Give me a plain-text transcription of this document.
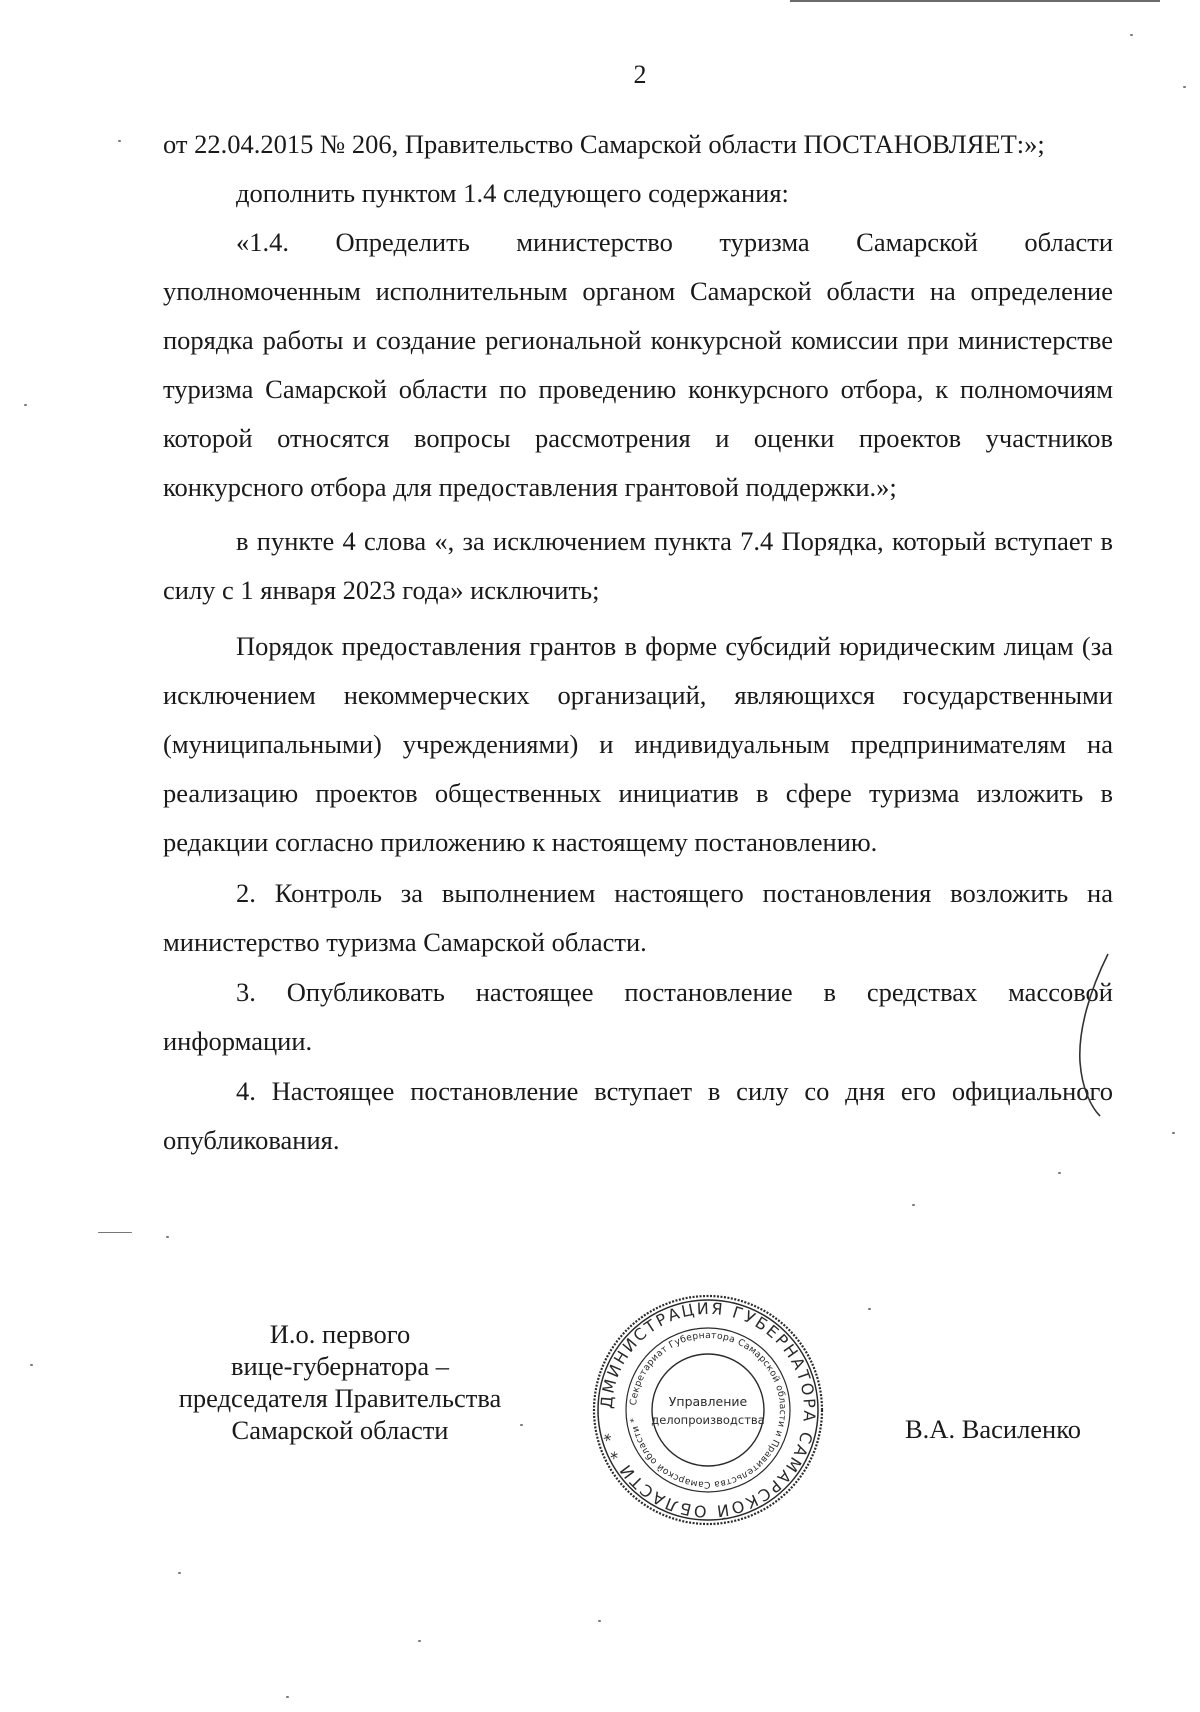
2

от 22.04.2015 № 206, Правительство Самарской области ПОСТАНОВЛЯЕТ:»;

дополнить пунктом 1.4 следующего содержания:

«1.4. Определить министерство туризма Самарской области уполномоченным исполнительным органом Самарской области на определение порядка работы и создание региональной конкурсной комиссии при министерстве туризма Самарской области по проведению конкурсного отбора, к полномочиям которой относятся вопросы рассмотрения и оценки проектов участников конкурсного отбора для предоставления грантовой поддержки.»;

в пункте 4 слова «, за исключением пункта 7.4 Порядка, который вступает в силу с 1 января 2023 года» исключить;

Порядок предоставления грантов в форме субсидий юридическим лицам (за исключением некоммерческих организаций, являющихся государственными (муниципальными) учреждениями) и индивидуальным предпринимателям на реализацию проектов общественных инициатив в сфере туризма изложить в редакции согласно приложению к настоящему постановлению.

2. Контроль за выполнением настоящего постановления возложить на министерство туризма Самарской области.

3. Опубликовать настоящее постановление в средствах массовой информации.

4. Настоящее постановление вступает в силу со дня его официального опубликования.

И.о. первого
вице-губернатора –
председателя Правительства
Самарской области
ДМИНИСТРАЦИЯ ГУБЕРНАТОРА САМАРСКОЙ ОБЛАСТИ * *
Секретариат Губернатора Самарской области и Правительства Самарской области *
Управление
делопроизводства	В.А. Василенко
